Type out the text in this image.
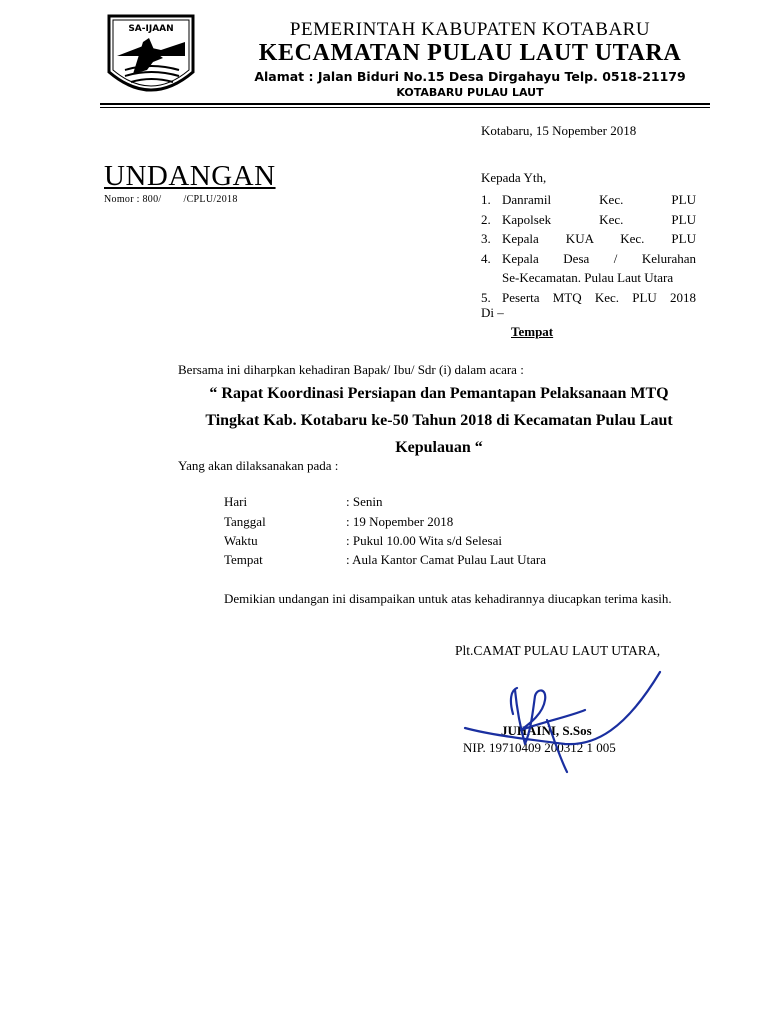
SA-IJAAN	PEMERINTAH KABUPATEN KOTABARU
KECAMATAN PULAU LAUT UTARA
Alamat : Jalan Biduri No.15 Desa Dirgahayu Telp. 0518-21179
KOTABARU PULAU LAUT
Kotabaru, 15 Nopember 2018
UNDANGAN
Nomor : 800/ /CPLU/2018
Kepada Yth,
1. Danramil Kec. PLU
2. Kapolsek Kec. PLU
3. Kepala KUA Kec. PLU
4. Kepala Desa / Kelurahan
Se-Kecamatan. Pulau Laut Utara
5. Peserta MTQ Kec. PLU 2018
Di –
Tempat
Bersama ini diharpkan kehadiran Bapak/ Ibu/ Sdr (i) dalam acara :
“ Rapat Koordinasi Persiapan dan Pemantapan Pelaksanaan MTQ
Tingkat Kab. Kotabaru ke-50 Tahun 2018 di Kecamatan Pulau Laut
Kepulauan “
Yang akan dilaksanakan pada :
Hari	: Senin
Tanggal	: 19 Nopember 2018
Waktu	: Pukul 10.00 Wita s/d Selesai
Tempat	: Aula Kantor Camat Pulau Laut Utara
Demikian undangan ini disampaikan untuk atas kehadirannya diucapkan terima kasih.
Plt.CAMAT PULAU LAUT UTARA,
JUHAINI, S.Sos
NIP. 19710409 200312 1 005
